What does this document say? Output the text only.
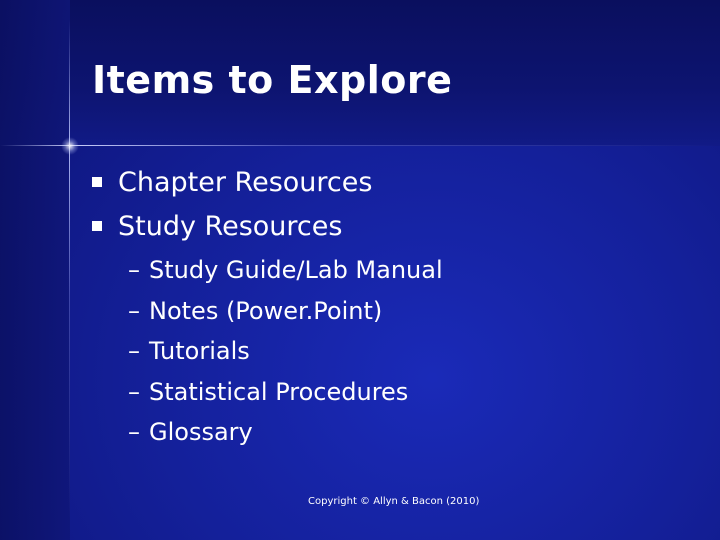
Items to Explore
Chapter Resources
Study Resources
– Study Guide/Lab Manual
– Notes (Power.Point)
– Tutorials
– Statistical Procedures
– Glossary
Copyright © Allyn & Bacon (2010)
